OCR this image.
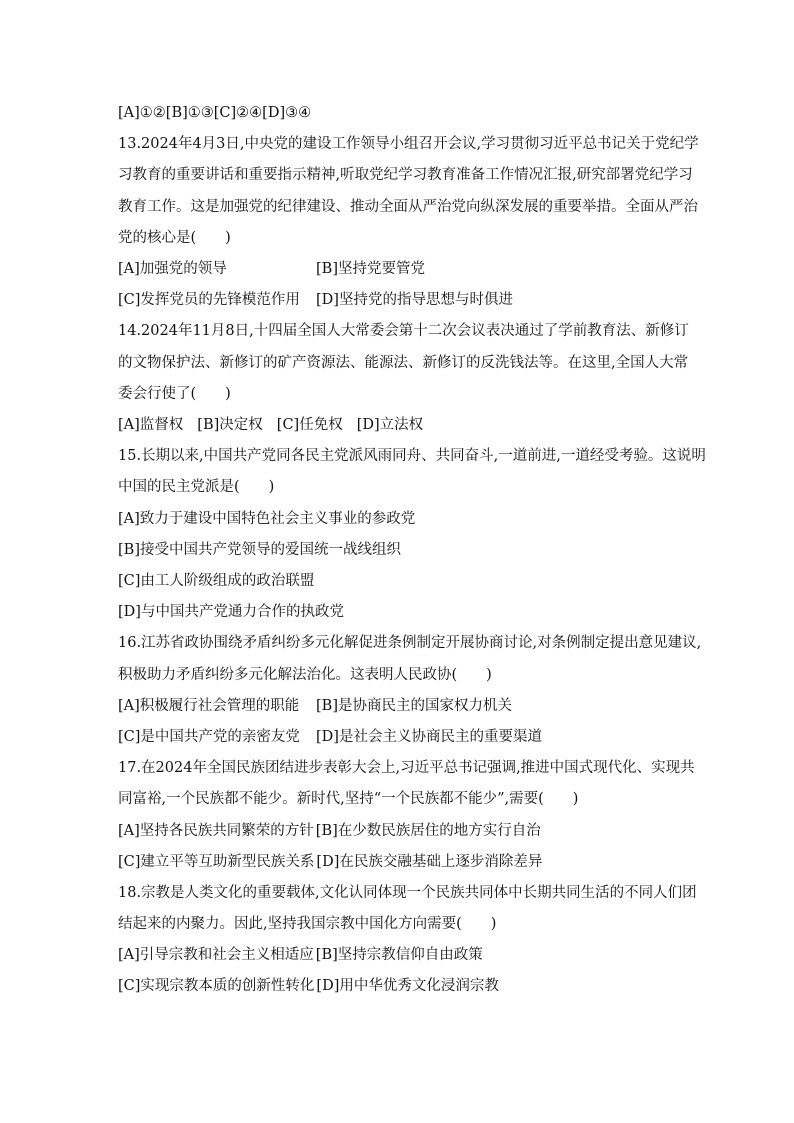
[A]①②[B]①③[C]②④[D]③④
13.2024年4月3日,中央党的建设工作领导小组召开会议,学习贯彻习近平总书记关于党纪学
习教育的重要讲话和重要指示精神,听取党纪学习教育准备工作情况汇报,研究部署党纪学习
教育工作。这是加强党的纪律建设、推动全面从严治党向纵深发展的重要举措。全面从严治
党的核心是(　　)
[A]加强党的领导	[B]坚持党要管党
[C]发挥党员的先锋模范作用	[D]坚持党的指导思想与时俱进
14.2024年11月8日,十四届全国人大常委会第十二次会议表决通过了学前教育法、新修订
的文物保护法、新修订的矿产资源法、能源法、新修订的反洗钱法等。在这里,全国人大常
委会行使了(　　)
[A]监督权 [B]决定权 [C]任免权 [D]立法权
15.长期以来,中国共产党同各民主党派风雨同舟、共同奋斗,一道前进,一道经受考验。这说明
中国的民主党派是(　　)
[A]致力于建设中国特色社会主义事业的参政党
[B]接受中国共产党领导的爱国统一战线组织
[C]由工人阶级组成的政治联盟
[D]与中国共产党通力合作的执政党
16.江苏省政协围绕矛盾纠纷多元化解促进条例制定开展协商讨论,对条例制定提出意见建议,
积极助力矛盾纠纷多元化解法治化。这表明人民政协(　　)
[A]积极履行社会管理的职能	[B]是协商民主的国家权力机关
[C]是中国共产党的亲密友党	[D]是社会主义协商民主的重要渠道
17.在2024年全国民族团结进步表彰大会上,习近平总书记强调,推进中国式现代化、实现共
同富裕,一个民族都不能少。新时代,坚持“一个民族都不能少”,需要(　　)
[A]坚持各民族共同繁荣的方针 [B]在少数民族居住的地方实行自治
[C]建立平等互助新型民族关系 [D]在民族交融基础上逐步消除差异
18.宗教是人类文化的重要载体,文化认同体现一个民族共同体中长期共同生活的不同人们团
结起来的内聚力。因此,坚持我国宗教中国化方向需要(　　)
[A]引导宗教和社会主义相适应 [B]坚持宗教信仰自由政策
[C]实现宗教本质的创新性转化 [D]用中华优秀文化浸润宗教
